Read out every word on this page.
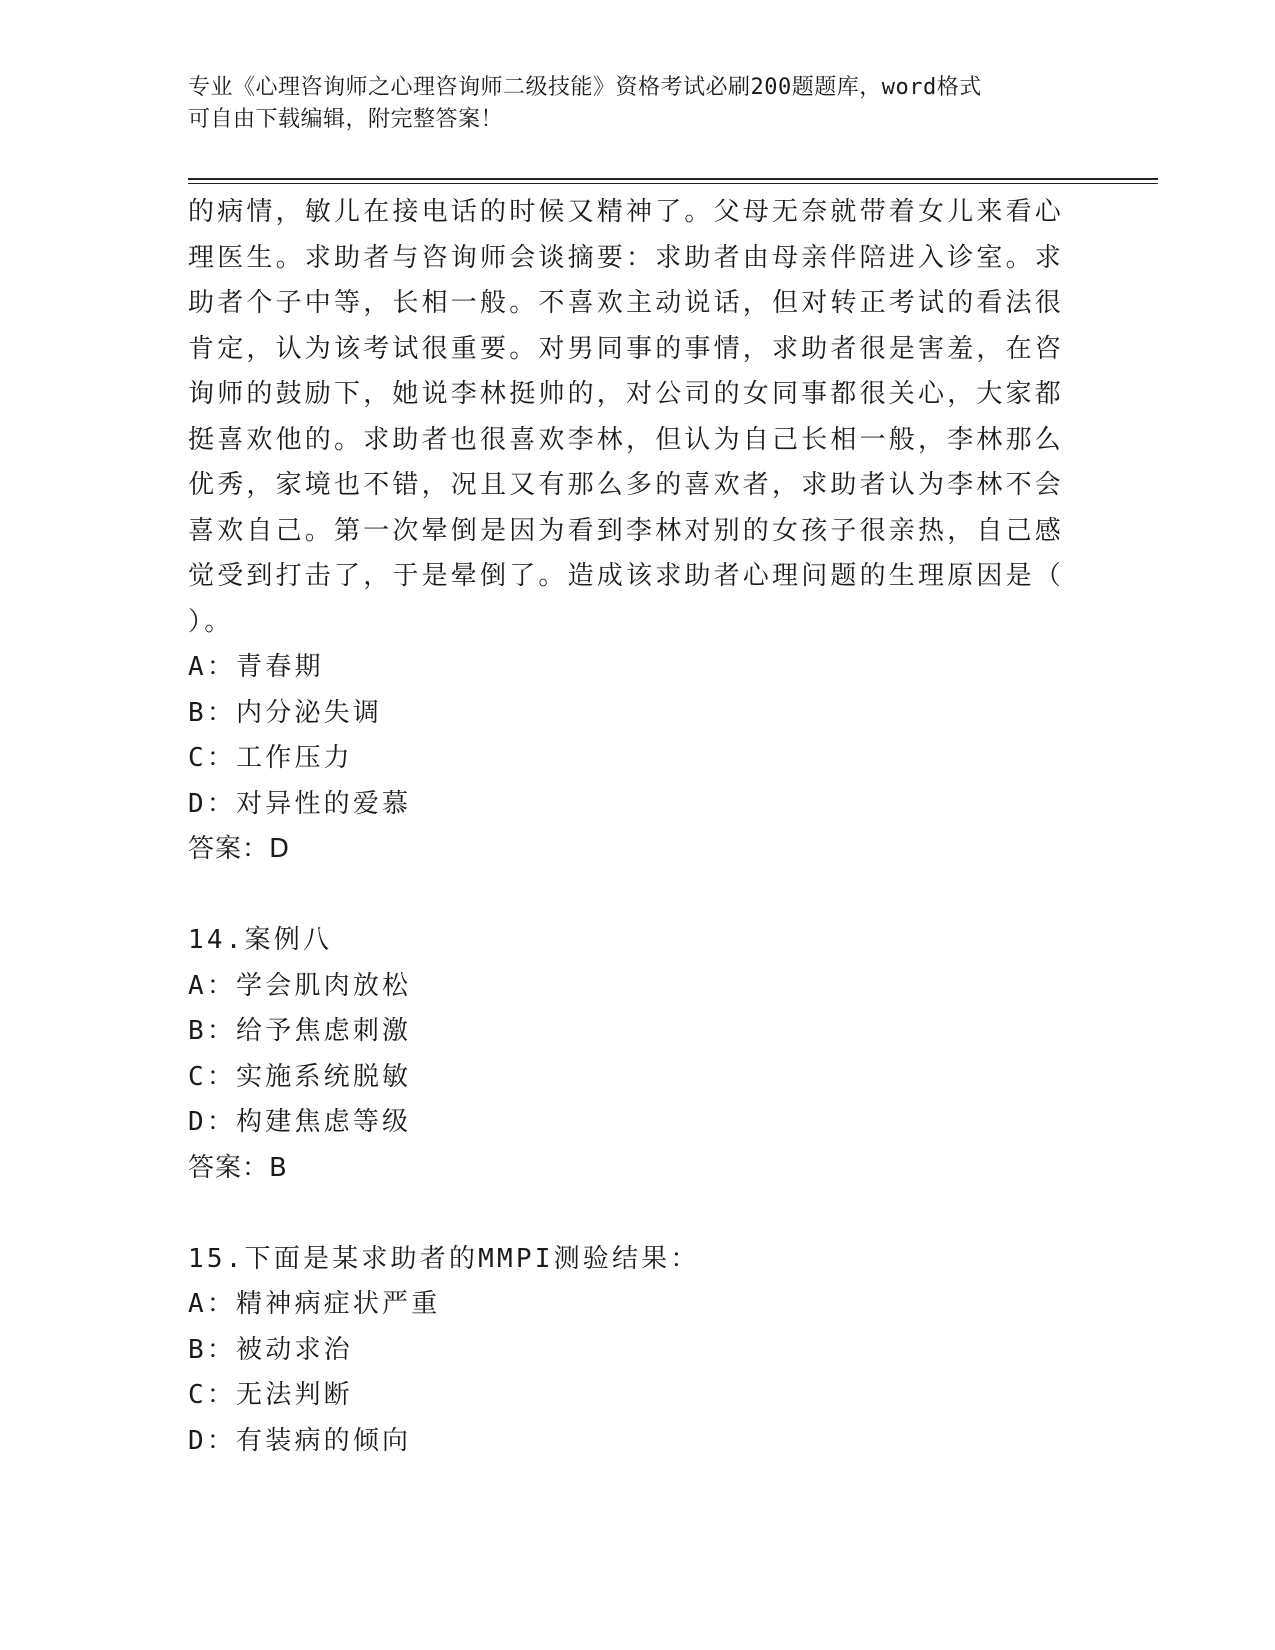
专业《心理咨询师之心理咨询师二级技能》资格考试必刷200题题库，word格式
可自由下载编辑，附完整答案！
的病情，敏儿在接电话的时候又精神了。父母无奈就带着女儿来看心
理医生。求助者与咨询师会谈摘要：求助者由母亲伴陪进入诊室。求
助者个子中等，长相一般。不喜欢主动说话，但对转正考试的看法很
肯定，认为该考试很重要。对男同事的事情，求助者很是害羞，在咨
询师的鼓励下，她说李林挺帅的，对公司的女同事都很关心，大家都
挺喜欢他的。求助者也很喜欢李林，但认为自己长相一般，李林那么
优秀，家境也不错，况且又有那么多的喜欢者，求助者认为李林不会
喜欢自己。第一次晕倒是因为看到李林对别的女孩子很亲热，自己感
觉受到打击了，于是晕倒了。造成该求助者心理问题的生理原因是（
）。
A：青春期
B：内分泌失调
C：工作压力
D：对异性的爱慕
答案：D
14.案例八
A：学会肌肉放松
B：给予焦虑刺激
C：实施系统脱敏
D：构建焦虑等级
答案：B
15.下面是某求助者的MMPI测验结果：
A：精神病症状严重
B：被动求治
C：无法判断
D：有装病的倾向
